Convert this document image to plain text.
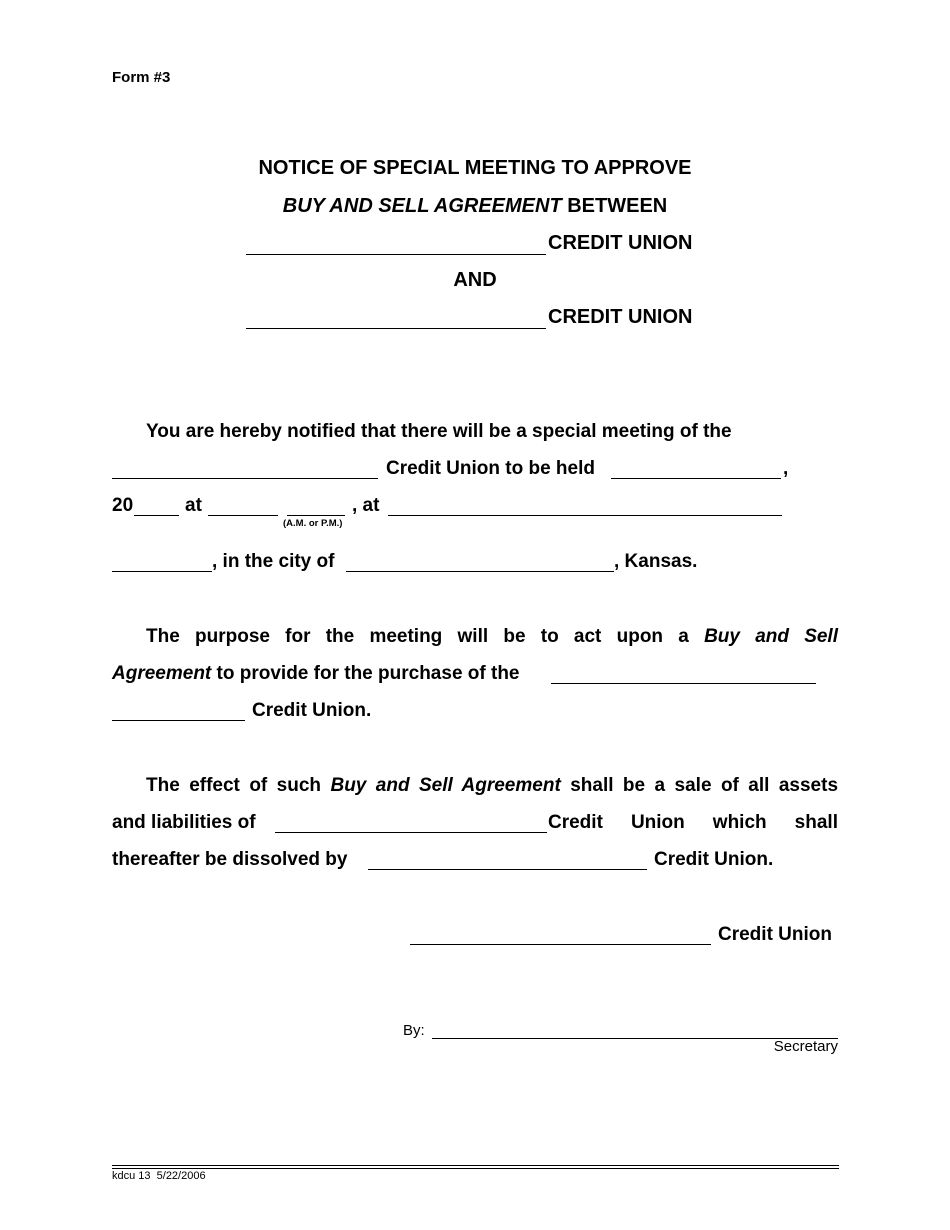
Form #3
NOTICE OF SPECIAL MEETING TO APPROVE
BUY AND SELL AGREEMENT BETWEEN
CREDIT UNION
AND
CREDIT UNION
You are hereby notified that there will be a special meeting of the
Credit Union to be held	,
20	at
(A.M. or P.M.)
, at
, in the city of	, Kansas.
The purpose for the meeting will be to act upon a Buy and Sell
Agreement to provide for the purchase of the
Credit Union.
The effect of such Buy and Sell Agreement shall be a sale of all assets
and liabilities of	Credit Union which shall
thereafter be dissolved by	Credit Union.
Credit Union
By:
Secretary
kdcu 13  5/22/2006
